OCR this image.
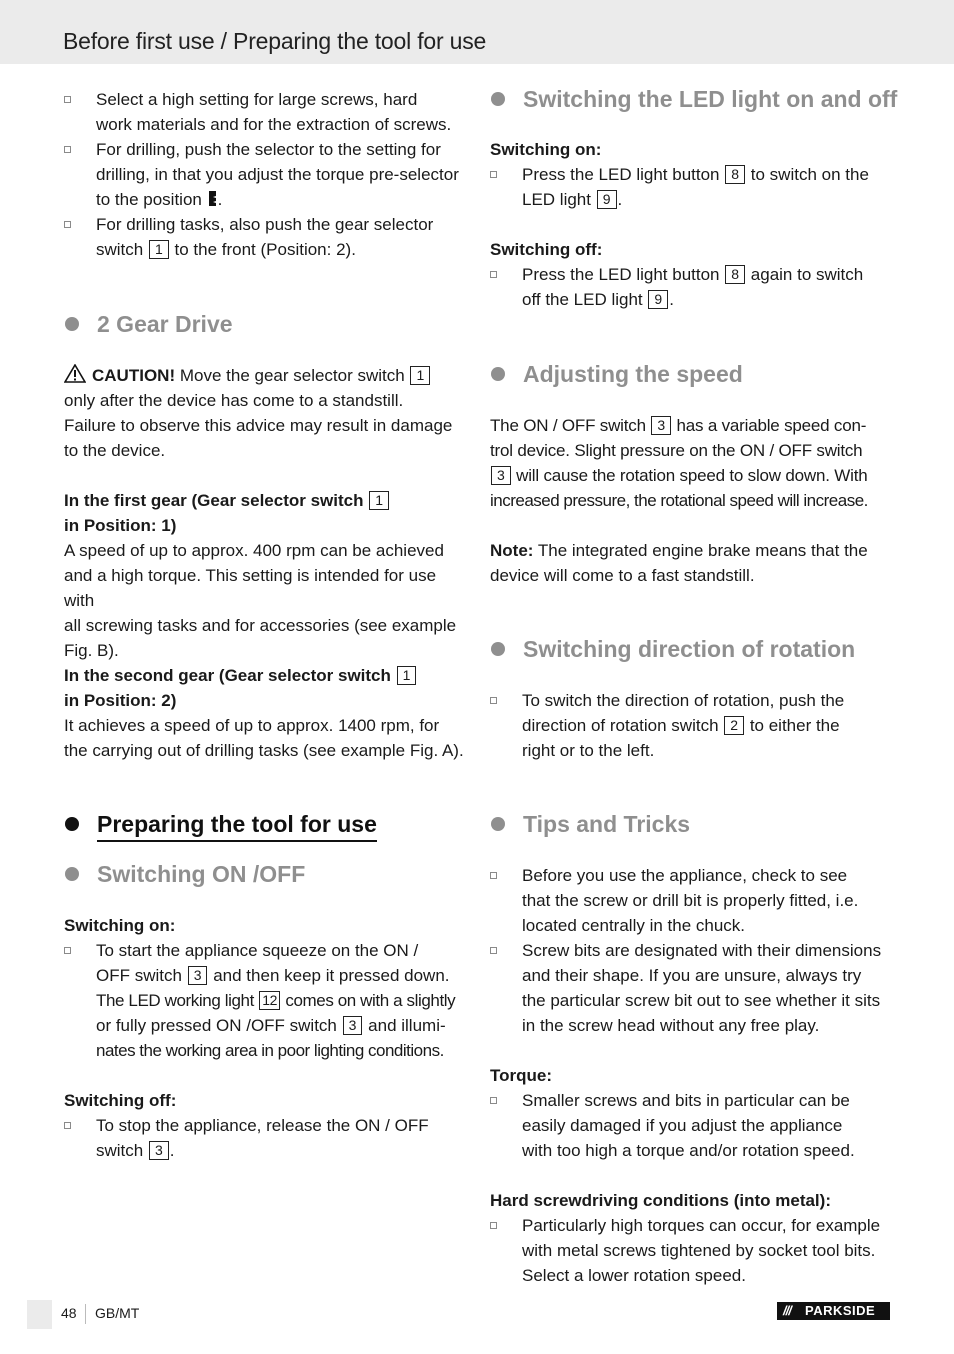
Before first use / Preparing the tool for use
Select a high setting for large screws, hard
work materials and for the extraction of screws.
For drilling, push the selector to the setting for
drilling, in that you adjust the torque pre-selector
to the position .
For drilling tasks, also push the gear selector
switch 1 to the front (Position: 2).
2 Gear Drive
CAUTION! Move the gear selector switch 1
only after the device has come to a standstill.
Failure to observe this advice may result in damage
to the device.
In the first gear (Gear selector switch 1
in Position: 1)
A speed of up to approx. 400 rpm can be achieved
and a high torque. This setting is intended for use with
all screwing tasks and for accessories (see example
Fig. B).
In the second gear (Gear selector switch 1
in Position: 2)
It achieves a speed of up to approx. 1400 rpm, for
the carrying out of drilling tasks (see example Fig. A).
Preparing the tool for use
Switching ON /OFF
Switching on:
To start the appliance squeeze on the ON /
OFF switch 3 and then keep it pressed down.
The LED working light 12 comes on with a slightly
or fully pressed ON /OFF switch 3 and illumi-
nates the working area in poor lighting conditions.
Switching off:
To stop the appliance, release the ON / OFF
switch 3 .
Switching the LED light on and off
Switching on:
Press the LED light button 8 to switch on the
LED light 9 .
Switching off:
Press the LED light button 8 again to switch
off the LED light 9 .
Adjusting the speed
The ON / OFF switch 3 has a variable speed con-
trol device. Slight pressure on the ON / OFF switch
3 will cause the rotation speed to slow down. With
increased pressure, the rotational speed will increase.
Note: The integrated engine brake means that the
device will come to a fast standstill.
Switching direction of rotation
To switch the direction of rotation, push the
direction of rotation switch 2 to either the
right or to the left.
Tips and Tricks
Before you use the appliance, check to see
that the screw or drill bit is properly fitted, i.e.
located centrally in the chuck.
Screw bits are designated with their dimensions
and their shape. If you are unsure, always try
the particular screw bit out to see whether it sits
in the screw head without any free play.
Torque:
Smaller screws and bits in particular can be
easily damaged if you adjust the appliance
with too high a torque and/or rotation speed.
Hard screwdriving conditions (into metal):
Particularly high torques can occur, for example
with metal screws tightened by socket tool bits.
Select a lower rotation speed.
48 GB/MT	/// PARKSIDE
